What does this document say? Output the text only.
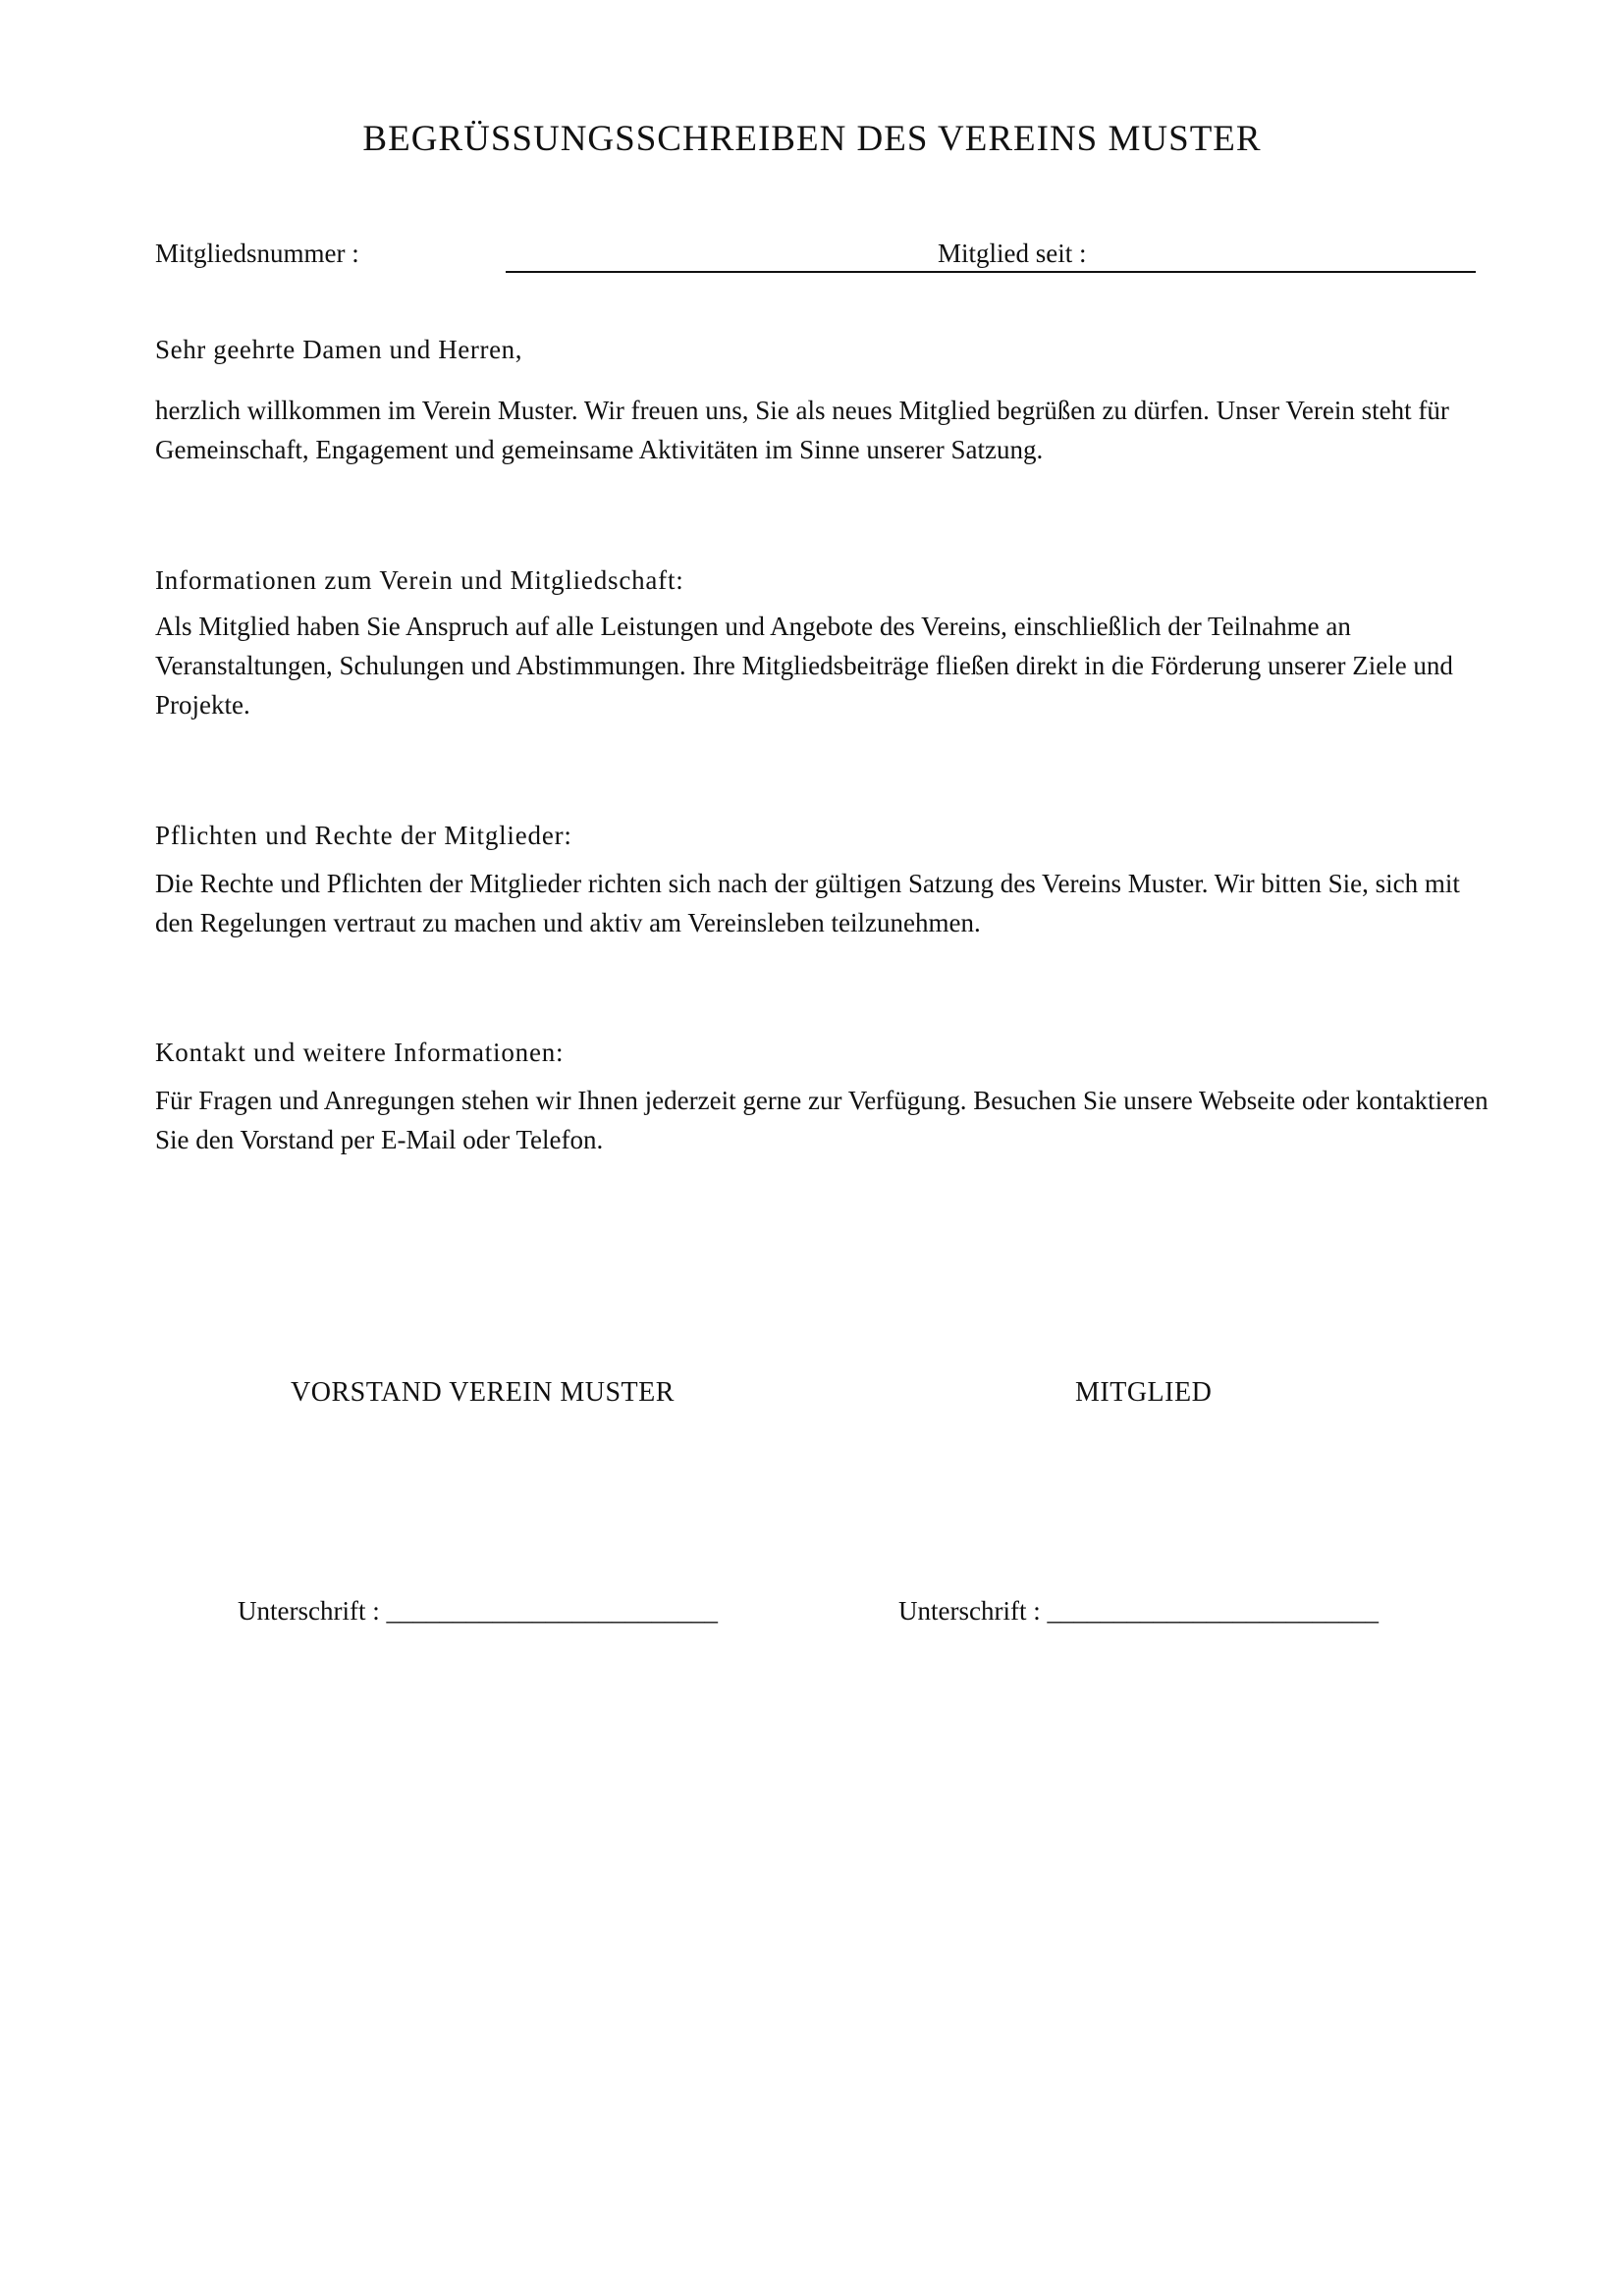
BEGRÜSSUNGSSCHREIBEN DES VEREINS MUSTER
Mitgliedsnummer :	Mitglied seit :
Sehr geehrte Damen und Herren,
herzlich willkommen im Verein Muster. Wir freuen uns, Sie als neues Mitglied begrüßen zu dürfen. Unser Verein steht für Gemeinschaft, Engagement und gemeinsame Aktivitäten im Sinne unserer Satzung.
Informationen zum Verein und Mitgliedschaft:
Als Mitglied haben Sie Anspruch auf alle Leistungen und Angebote des Vereins, einschließlich der Teilnahme an Veranstaltungen, Schulungen und Abstimmungen. Ihre Mitgliedsbeiträge fließen direkt in die Förderung unserer Ziele und Projekte.
Pflichten und Rechte der Mitglieder:
Die Rechte und Pflichten der Mitglieder richten sich nach der gültigen Satzung des Vereins Muster. Wir bitten Sie, sich mit den Regelungen vertraut zu machen und aktiv am Vereinsleben teilzunehmen.
Kontakt und weitere Informationen:
Für Fragen und Anregungen stehen wir Ihnen jederzeit gerne zur Verfügung. Besuchen Sie unsere Webseite oder kontaktieren Sie den Vorstand per E-Mail oder Telefon.
VORSTAND VEREIN MUSTER	MITGLIED
Unterschrift : _________________________	Unterschrift : _________________________
